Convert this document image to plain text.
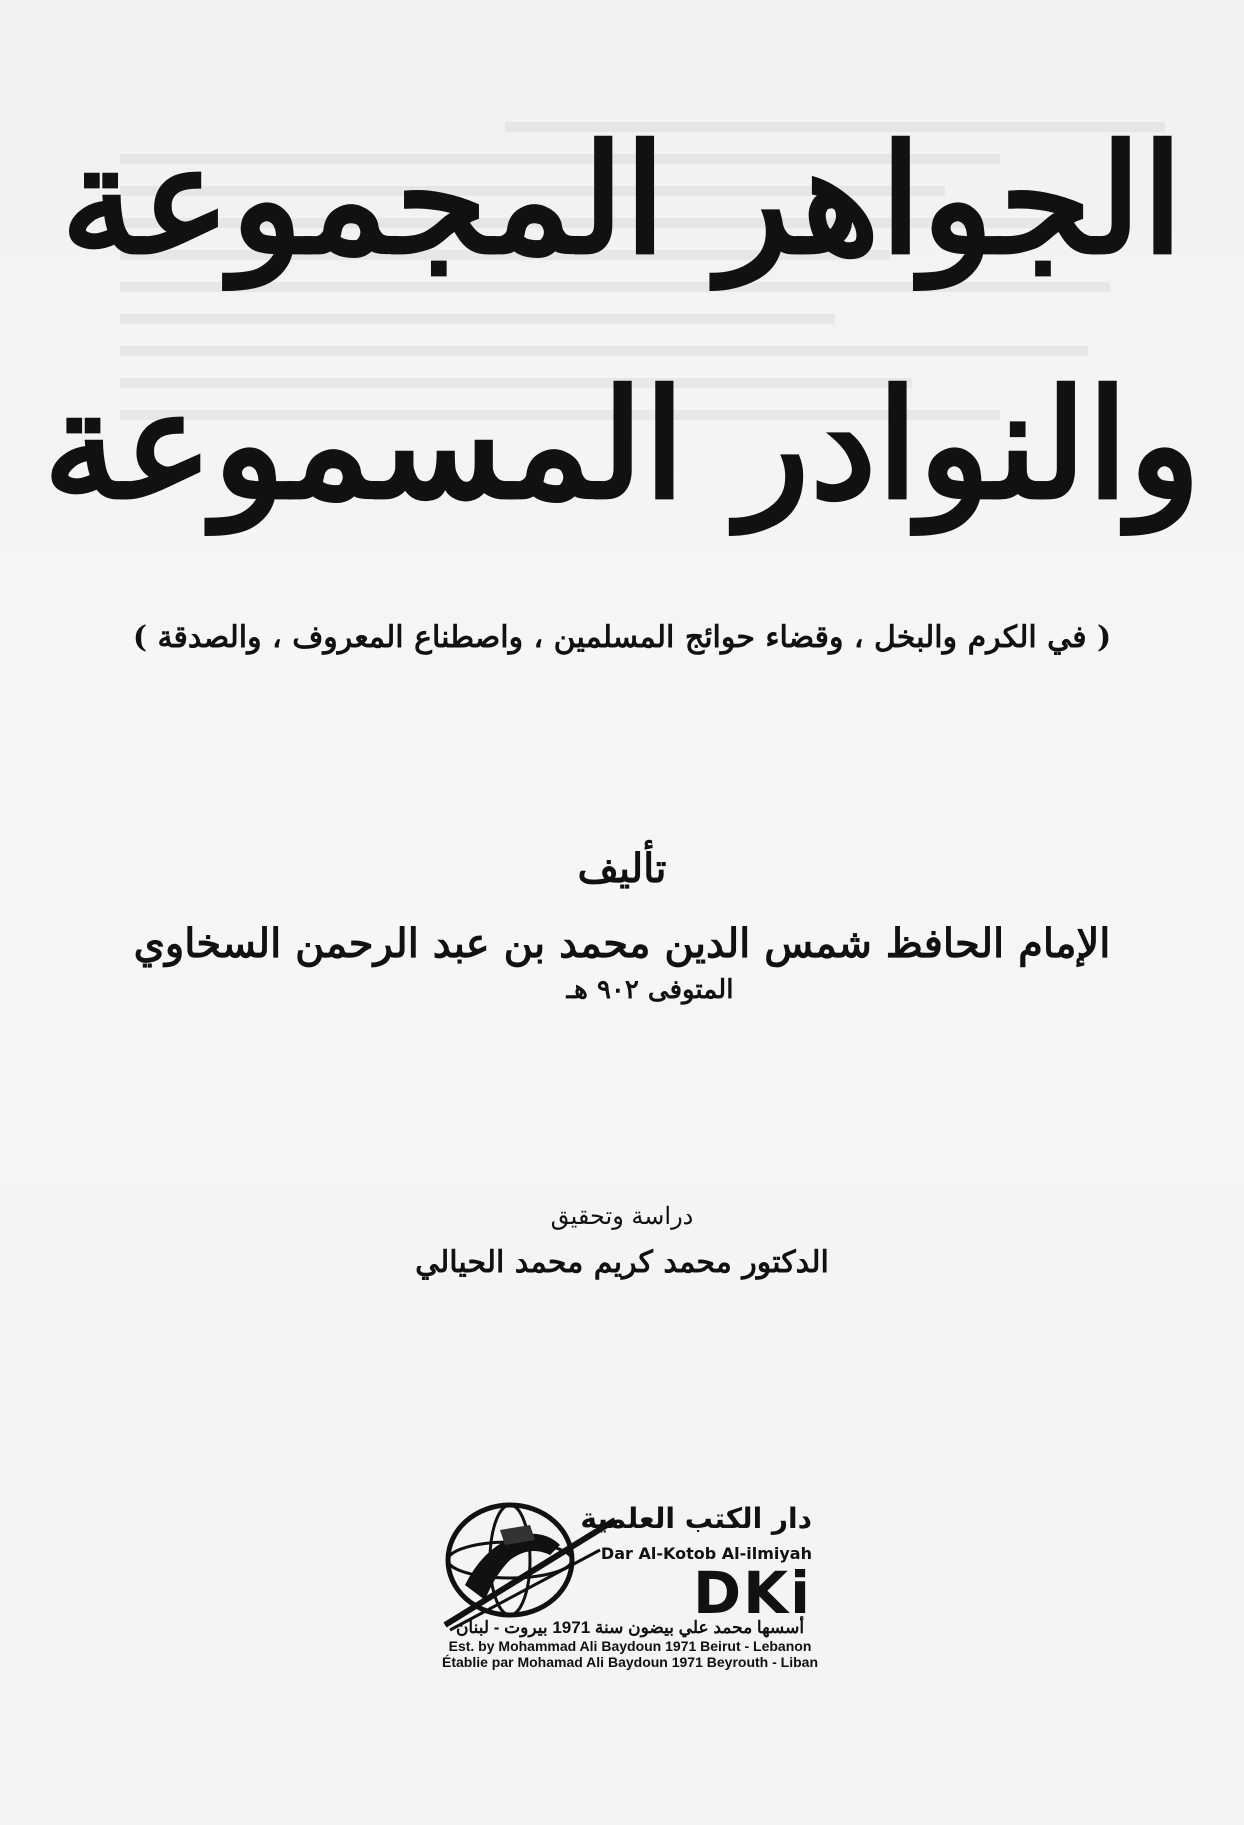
الجواهر المجموعة
والنوادر المسموعة
( في الكرم والبخل ، وقضاء حوائج المسلمين ، واصطناع المعروف ، والصدقة )
تأليف
الإمام الحافظ شمس الدين محمد بن عبد الرحمن السخاوي
المتوفى ٩٠٢ هـ
دراسة وتحقيق
الدكتور محمد كريم محمد الحيالي
دار الكتب العلمية
Dar Al-Kotob Al-ilmiyah
DKi
أسسها محمد علي بيضون سنة 1971 بيروت - لبنان
Est. by Mohammad Ali Baydoun 1971 Beirut - Lebanon
Établie par Mohamad Ali Baydoun 1971 Beyrouth - Liban
